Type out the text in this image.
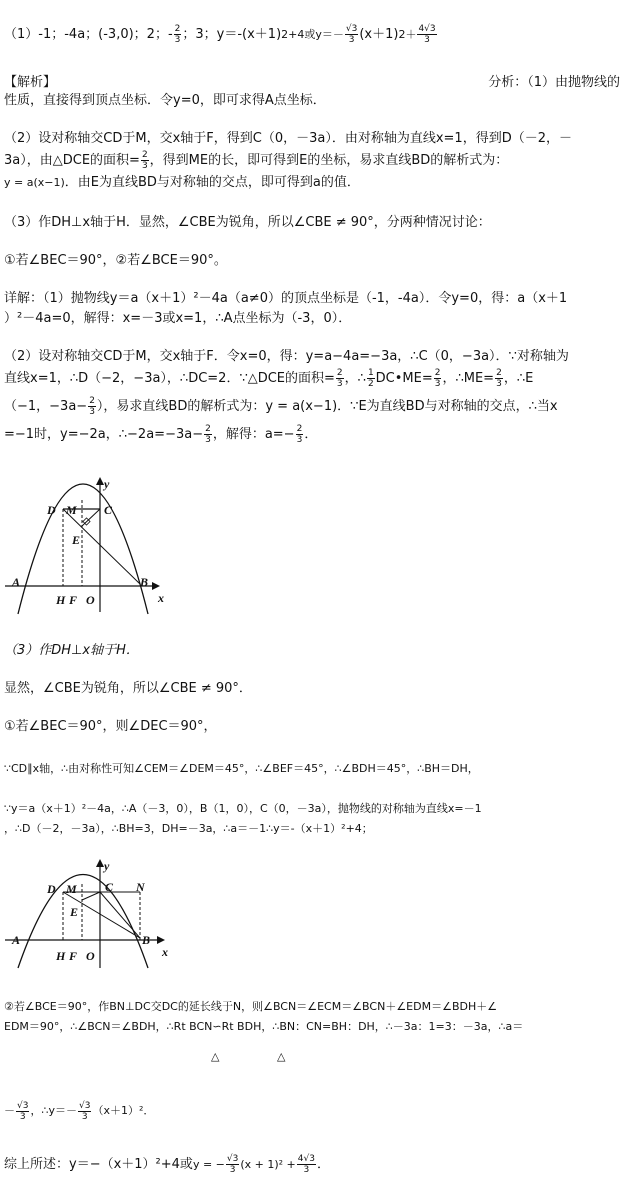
（1）-1；-4a；(-3,0)；2；- $\frac{2}{3}$ ；3；y＝-(x＋1)2+4或$y=- \frac{√3}{3} (x+1)2+ \frac{4√3}{3}$
【解析】	分析：（1）由抛物线的
性质，直接得到顶点坐标．令y=0，即可求得A点坐标．
（2）设对称轴交CD于M，交x轴于F，得到C（0，－3a）．由对称轴为直线x=1，得到D（－2，－
3a），由△DCE的面积= $\frac{2}{3}$ ，得到ME的长，即可得到E的坐标，易求直线BD的解析式为：
y = a(x−1)．由E为直线BD与对称轴的交点，即可得到a的值．
（3）作DH⊥x轴于H．显然，∠CBE为锐角，所以∠CBE ≠ 90°，分两种情况讨论：
①若∠BEC＝90°，②若∠BCE＝90°。
详解：（1）抛物线y＝a（x＋1）²－4a（a≠0）的顶点坐标是（-1，-4a）．令y=0，得：a（x＋1
）²－4a=0，解得：x=－3或x=1，∴A点坐标为（-3，0）．
（2）设对称轴交CD于M，交x轴于F．令x=0，得：y=a−4a=−3a，∴C（0，−3a）．∵对称轴为
直线x=1，∴D（−2，−3a），∴DC=2．∵△DCE的面积= $\frac{2}{3}$ ，∴ $\frac{1}{2}$ DC•ME= $\frac{2}{3}$ ，∴ME= $\frac{2}{3}$ ，∴E
（−1，$-3a- \frac{2}{3}$ ），易求直线BD的解析式为：y = a(x−1)．∵E为直线BD与对称轴的交点，∴当x
=−1时，y=−2a，∴−2a=−3a− $\frac{2}{3}$ ，解得：$a=- \frac{2}{3}$ ．
y
D M C
E
A	B
H F O	x
（3）作DH⊥x轴于H．
显然，∠CBE为锐角，所以∠CBE ≠ 90°．
①若∠BEC＝90°，则∠DEC＝90°，
∵CD∥x轴，∴由对称性可知∠CEM＝∠DEM＝45°，∴∠BEF＝45°，∴∠BDH＝45°，∴BH＝DH，
∵y＝a（x＋1）²－4a，∴A（－3，0），B（1，0），C（0，－3a），抛物线的对称轴为直线x=－1
，∴D（－2，－3a），∴BH=3，DH=－3a，∴a＝－1∴y＝-（x＋1）²+4；
y
D M C N
E
A	B
H F O	x
②若∠BCE＝90°，作BN⊥DC交DC的延长线于N，则∠BCN＝∠ECM＝∠BCN＋∠EDM＝∠BDH＋∠
EDM＝90°，∴∠BCN＝∠BDH，∴Rt BCN∽Rt BDH，∴BN：CN=BH：DH，∴－3a：1=3：－3a，∴a＝
△	△
－ $\frac{√3}{3}$ ，∴y＝－ $\frac{√3}{3} (x+1)^2$．
综上所述：y＝−（x＋1）²+4或y = − $\frac{√3}{3} (x + 1)^2 + \frac{4√3}{3}$ ．
